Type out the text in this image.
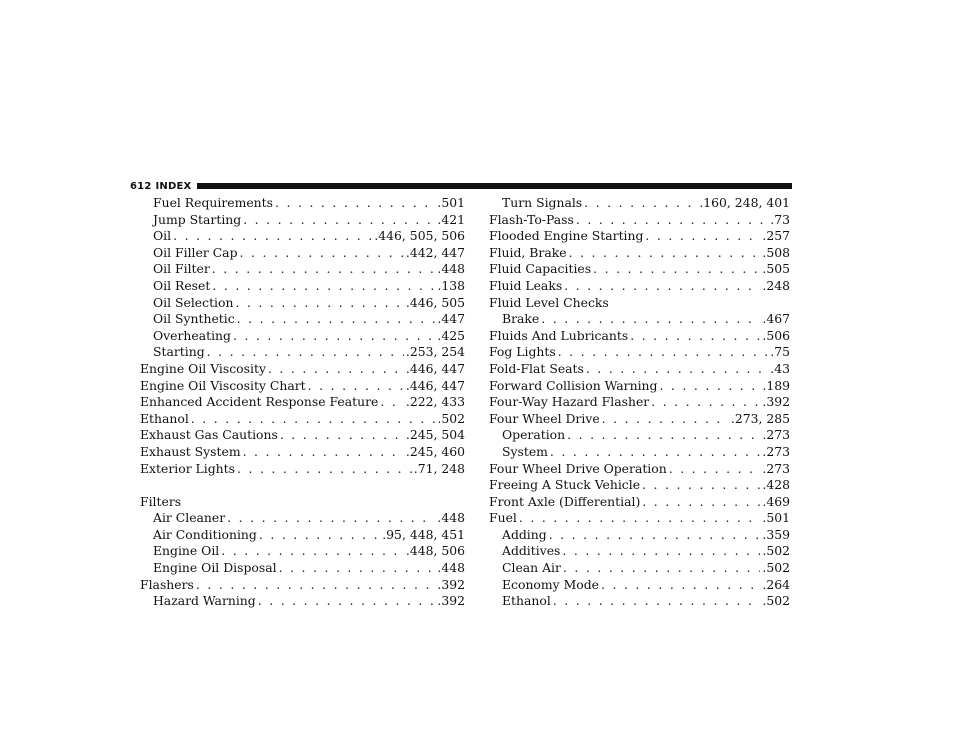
612 INDEX
Fuel Requirements . . .	.501
Jump Starting . . .	.421
Oil . . .	.446, 505, 506
Oil Filler Cap . . .	.442, 447
Oil Filter . . .	.448
Oil Reset . . .	.138
Oil Selection . . .	.446, 505
Oil Synthetic . . .	.447
Overheating . . .	.425
Starting . . .	.253, 254
Engine Oil Viscosity . . .	.446, 447
Engine Oil Viscosity Chart . . .	.446, 447
Enhanced Accident Response Feature . . . .222, 433
Ethanol . . .	.502
Exhaust Gas Cautions . . .	.245, 504
Exhaust System . . .	.245, 460
Exterior Lights . . .	.71, 248
Filters
Air Cleaner . . .	.448
Air Conditioning . . .	.95, 448, 451
Engine Oil . . .	.448, 506
Engine Oil Disposal . . .	.448
Flashers . . .	.392
Hazard Warning . . .	.392
Turn Signals . . .	.160, 248, 401
Flash-To-Pass . . .	.73
Flooded Engine Starting . . .	.257
Fluid, Brake . . .	.508
Fluid Capacities . . .	.505
Fluid Leaks . . .	.248
Fluid Level Checks
Brake . . .	.467
Fluids And Lubricants . . .	.506
Fog Lights . . .	.75
Fold-Flat Seats . . .	.43
Forward Collision Warning . . .	.189
Four-Way Hazard Flasher . . .	.392
Four Wheel Drive . . .	.273, 285
Operation . . .	.273
System . . .	.273
Four Wheel Drive Operation . . .	.273
Freeing A Stuck Vehicle . . .	.428
Front Axle (Differential) . . .	.469
Fuel . . .	.501
Adding . . .	.359
Additives . . .	.502
Clean Air . . .	.502
Economy Mode . . .	.264
Ethanol . . .	.502
